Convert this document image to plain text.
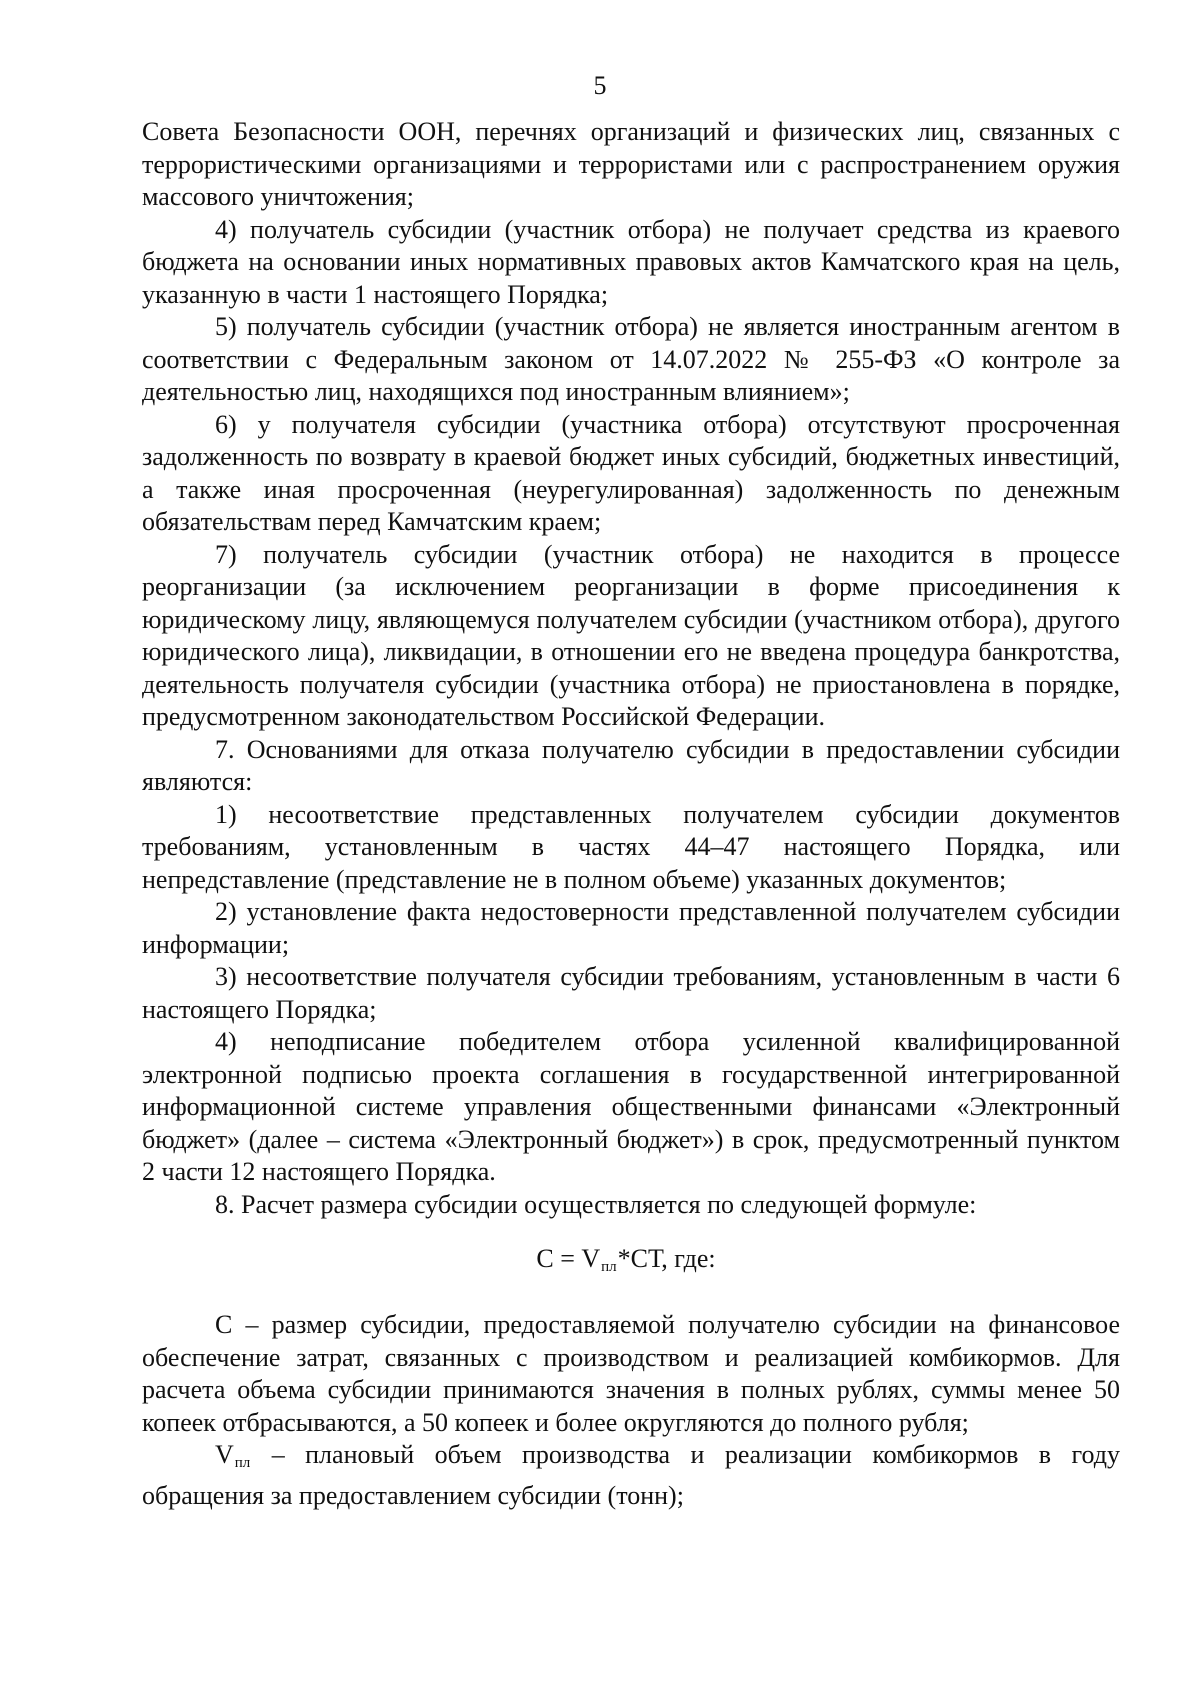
5

Совета Безопасности ООН, перечнях организаций и физических лиц, связанных с террористическими организациями и террористами или с распространением оружия массового уничтожения;

4) получатель субсидии (участник отбора) не получает средства из краевого бюджета на основании иных нормативных правовых актов Камчатского края на цель, указанную в части 1 настоящего Порядка;

5) получатель субсидии (участник отбора) не является иностранным агентом в соответствии с Федеральным законом от 14.07.2022 № 255-ФЗ «О контроле за деятельностью лиц, находящихся под иностранным влиянием»;

6) у получателя субсидии (участника отбора) отсутствуют просроченная задолженность по возврату в краевой бюджет иных субсидий, бюджетных инвестиций, а также иная просроченная (неурегулированная) задолженность по денежным обязательствам перед Камчатским краем;

7) получатель субсидии (участник отбора) не находится в процессе реорганизации (за исключением реорганизации в форме присоединения к юридическому лицу, являющемуся получателем субсидии (участником отбора), другого юридического лица), ликвидации, в отношении его не введена процедура банкротства, деятельность получателя субсидии (участника отбора) не приостановлена в порядке, предусмотренном законодательством Российской Федерации.

7. Основаниями для отказа получателю субсидии в предоставлении субсидии являются:

1) несоответствие представленных получателем субсидии документов требованиям, установленным в частях 44–47 настоящего Порядка, или непредставление (представление не в полном объеме) указанных документов;

2) установление факта недостоверности представленной получателем субсидии информации;

3) несоответствие получателя субсидии требованиям, установленным в части 6 настоящего Порядка;

4) неподписание победителем отбора усиленной квалифицированной электронной подписью проекта соглашения в государственной интегрированной информационной системе управления общественными финансами «Электронный бюджет» (далее – система «Электронный бюджет») в срок, предусмотренный пунктом 2 части 12 настоящего Порядка.

8. Расчет размера субсидии осуществляется по следующей формуле:

$С = V_{пл}*СТ$, где:

С – размер субсидии, предоставляемой получателю субсидии на финансовое обеспечение затрат, связанных с производством и реализацией комбикормов. Для расчета объема субсидии принимаются значения в полных рублях, суммы менее 50 копеек отбрасываются, а 50 копеек и более округляются до полного рубля;

$V_{пл}$ – плановый объем производства и реализации комбикормов в году обращения за предоставлением субсидии (тонн);
